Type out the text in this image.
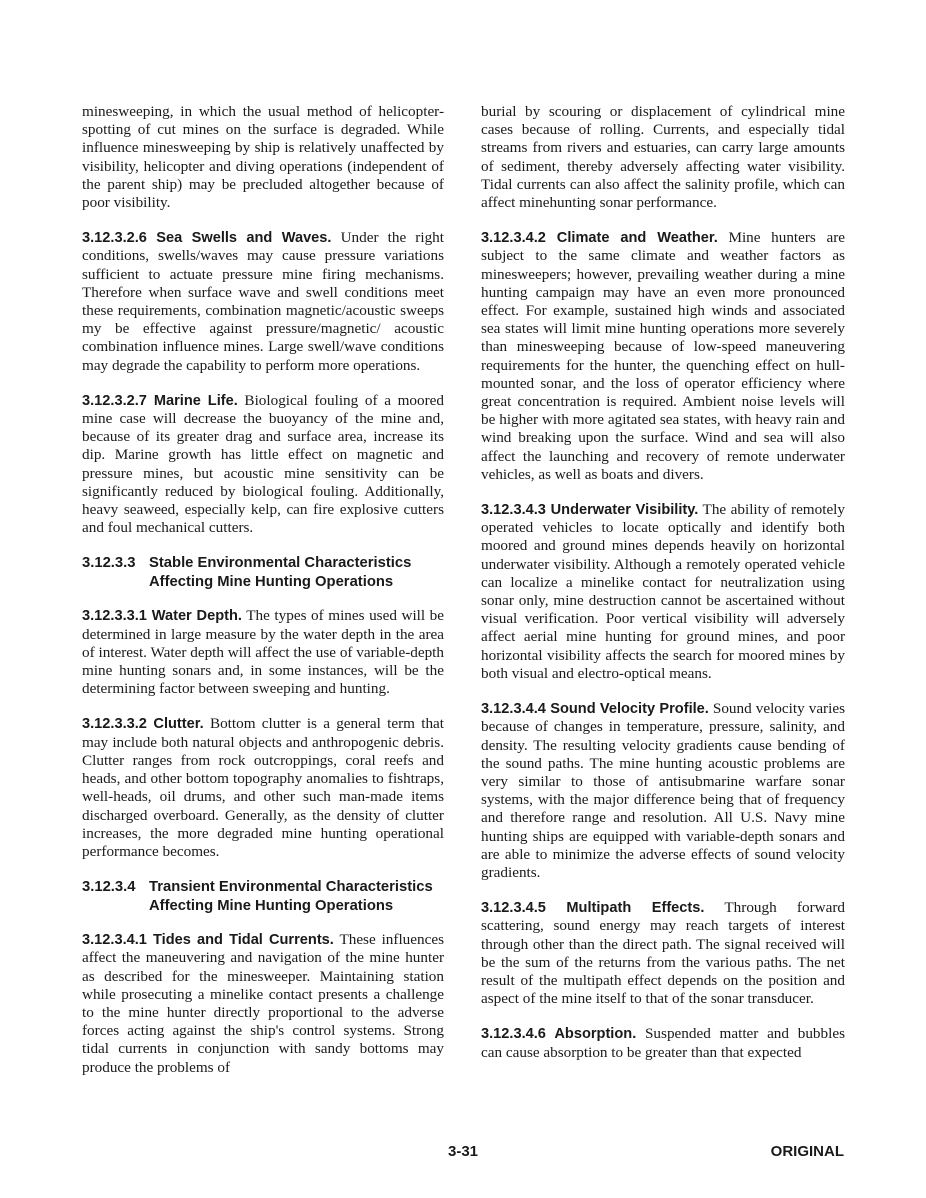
minesweeping, in which the usual method of helicopter-spotting of cut mines on the surface is degraded. While influence minesweeping by ship is relatively unaffected by visibility, helicopter and diving operations (independent of the parent ship) may be precluded altogether because of poor visibility.

3.12.3.2.6 Sea Swells and Waves. Under the right conditions, swells/waves may cause pressure variations sufficient to actuate pressure mine firing mechanisms. Therefore when surface wave and swell conditions meet these requirements, combination magnetic/acoustic sweeps my be effective against pressure/magnetic/ acoustic combination influence mines. Large swell/wave conditions may degrade the capability to perform more operations.

3.12.3.2.7 Marine Life. Biological fouling of a moored mine case will decrease the buoyancy of the mine and, because of its greater drag and surface area, increase its dip. Marine growth has little effect on magnetic and pressure mines, but acoustic mine sensitivity can be significantly reduced by biological fouling. Additionally, heavy seaweed, especially kelp, can fire explosive cutters and foul mechanical cutters.

3.12.3.3 Stable Environmental Characteristics Affecting Mine Hunting Operations

3.12.3.3.1 Water Depth. The types of mines used will be determined in large measure by the water depth in the area of interest. Water depth will affect the use of variable-depth mine hunting sonars and, in some instances, will be the determining factor between sweeping and hunting.

3.12.3.3.2 Clutter. Bottom clutter is a general term that may include both natural objects and anthropogenic debris. Clutter ranges from rock outcroppings, coral reefs and heads, and other bottom topography anomalies to fishtraps, well-heads, oil drums, and other such man-made items discharged overboard. Generally, as the density of clutter increases, the more degraded mine hunting operational performance becomes.

3.12.3.4 Transient Environmental Characteristics Affecting Mine Hunting Operations

3.12.3.4.1 Tides and Tidal Currents. These influences affect the maneuvering and navigation of the mine hunter as described for the minesweeper. Maintaining station while prosecuting a minelike contact presents a challenge to the mine hunter directly proportional to the adverse forces acting against the ship's control systems. Strong tidal currents in conjunction with sandy bottoms may produce the problems of

burial by scouring or displacement of cylindrical mine cases because of rolling. Currents, and especially tidal streams from rivers and estuaries, can carry large amounts of sediment, thereby adversely affecting water visibility. Tidal currents can also affect the salinity profile, which can affect minehunting sonar performance.

3.12.3.4.2 Climate and Weather. Mine hunters are subject to the same climate and weather factors as minesweepers; however, prevailing weather during a mine hunting campaign may have an even more pronounced effect. For example, sustained high winds and associated sea states will limit mine hunting operations more severely than minesweeping because of low-speed maneuvering requirements for the hunter, the quenching effect on hull-mounted sonar, and the loss of operator efficiency where great concentration is required. Ambient noise levels will be higher with more agitated sea states, with heavy rain and wind breaking upon the surface. Wind and sea will also affect the launching and recovery of remote underwater vehicles, as well as boats and divers.

3.12.3.4.3 Underwater Visibility. The ability of remotely operated vehicles to locate optically and identify both moored and ground mines depends heavily on horizontal underwater visibility. Although a remotely operated vehicle can localize a minelike contact for neutralization using sonar only, mine destruction cannot be ascertained without visual verification. Poor vertical visibility will adversely affect aerial mine hunting for ground mines, and poor horizontal visibility affects the search for moored mines by both visual and electro-optical means.

3.12.3.4.4 Sound Velocity Profile. Sound velocity varies because of changes in temperature, pressure, salinity, and density. The resulting velocity gradients cause bending of the sound paths. The mine hunting acoustic problems are very similar to those of antisubmarine warfare sonar systems, with the major difference being that of frequency and therefore range and resolution. All U.S. Navy mine hunting ships are equipped with variable-depth sonars and are able to minimize the adverse effects of sound velocity gradients.

3.12.3.4.5 Multipath Effects. Through forward scattering, sound energy may reach targets of interest through other than the direct path. The signal received will be the sum of the returns from the various paths. The net result of the multipath effect depends on the position and aspect of the mine itself to that of the sonar transducer.

3.12.3.4.6 Absorption. Suspended matter and bubbles can cause absorption to be greater than that expected

3-31	ORIGINAL
